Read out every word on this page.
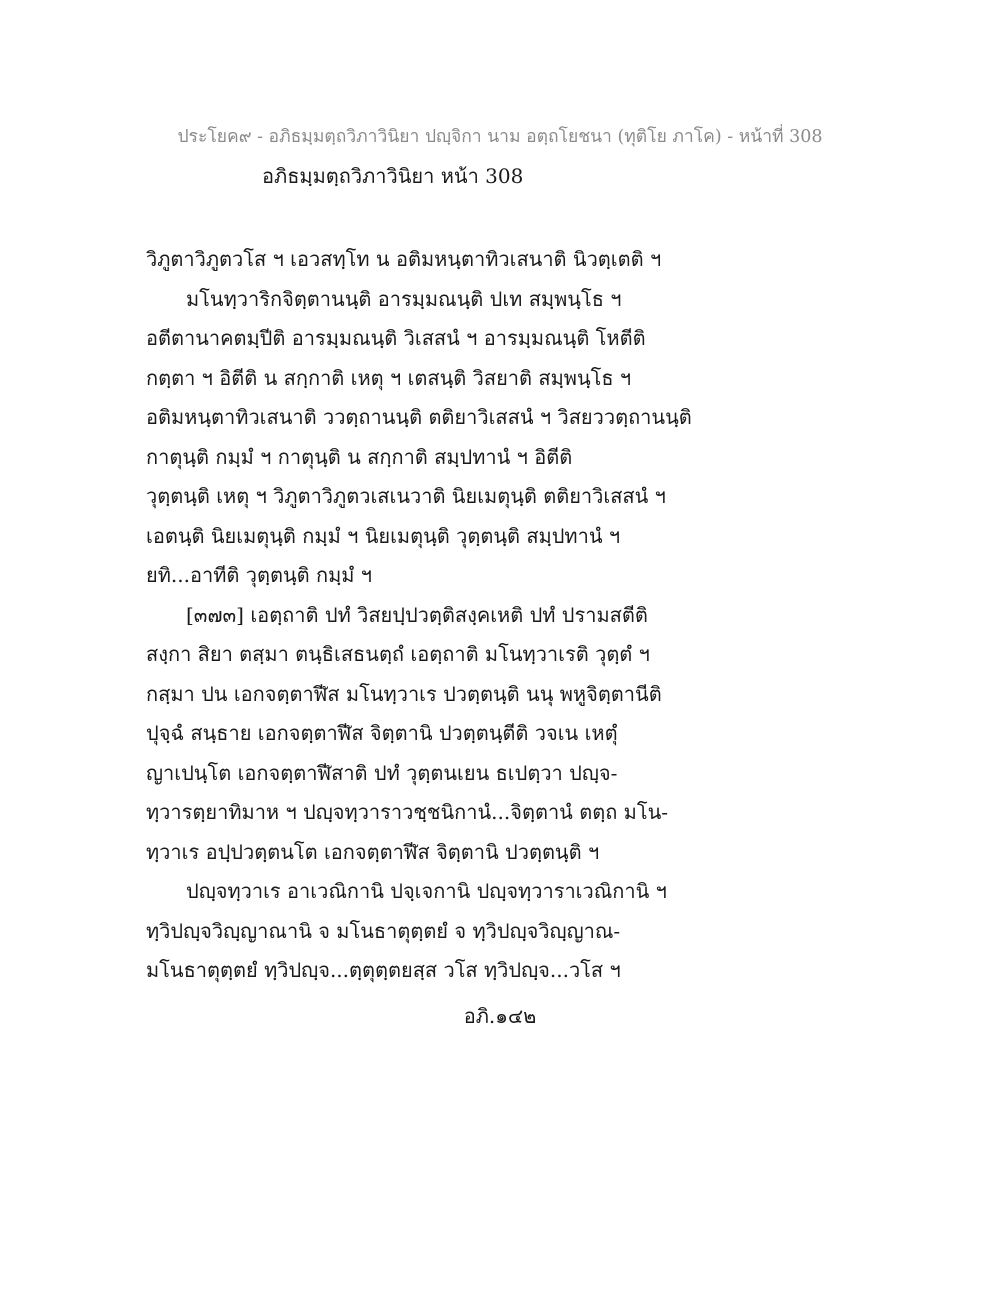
ประโยค๙ - อภิธมฺมตฺถวิภาวินิยา ปญฺจิกา นาม อตฺถโยชนา (ทุติโย ภาโค) - หน้าที่ 308
อภิธมฺมตฺถวิภาวินิยา หน้า 308
วิภูตาวิภูตวโส ฯ เอวสทฺโท น อติมหนฺตาทิวเสนาติ นิวตฺเตติ ฯ
มโนทฺวาริกจิตฺตานนฺติ อารมฺมณนฺติ ปเท สมฺพนฺโธ ฯ
อตีตานาคตมฺปีติ อารมฺมณนฺติ วิเสสนํ ฯ อารมฺมณนฺติ โหตีติ
กตฺตา ฯ อิตีติ น สกฺกาติ เหตุ ฯ เตสนฺติ วิสยาติ สมฺพนฺโธ ฯ
อติมหนฺตาทิวเสนาติ ววตฺถานนฺติ ตติยาวิเสสนํ ฯ วิสยววตฺถานนฺติ
กาตุนฺติ กมฺมํ ฯ กาตุนฺติ น สกฺกาติ สมฺปทานํ ฯ อิตีติ
วุตฺตนฺติ เหตุ ฯ วิภูตาวิภูตวเสเนวาติ นิยเมตุนฺติ ตติยาวิเสสนํ ฯ
เอตนฺติ นิยเมตุนฺติ กมฺมํ ฯ นิยเมตุนฺติ วุตฺตนฺติ สมฺปทานํ ฯ
ยทิ...อาทีติ วุตฺตนฺติ กมฺมํ ฯ
[๓๗๓] เอตฺถาติ ปทํ วิสยปฺปวตฺติสงฺคเหติ ปทํ ปรามสตีติ
สงฺกา สิยา ตสฺมา ตนฺธิเสธนตฺถํ เอตฺถาติ มโนทฺวาเรติ วุตฺตํ ฯ
กสฺมา ปน เอกจตฺตาฬีส มโนทฺวาเร ปวตฺตนฺติ นนุ พหูจิตฺตานีติ
ปุจฺฉํ สนฺธาย เอกจตฺตาฬีส จิตฺตานิ ปวตฺตนฺตีติ วจเน เหตุํ
ญาเปนฺโต เอกจตฺตาฬีสาติ ปทํ วุตฺตนเยน ธเปตฺวา ปญฺจ-
ทฺวารตฺยาทิมาห ฯ ปญฺจทฺวาราวชฺชนิกานํ...จิตฺตานํ ตตฺถ มโน-
ทฺวาเร อปฺปวตฺตนโต เอกจตฺตาฬีส จิตฺตานิ ปวตฺตนฺติ ฯ
ปญฺจทฺวาเร อาเวณิกานิ ปจฺเจกานิ ปญฺจทฺวาราเวณิกานิ ฯ
ทฺวิปญฺจวิญฺญาณานิ จ มโนธาตุตฺตยํ จ ทฺวิปญฺจวิญฺญาณ-
มโนธาตุตฺตยํ ทฺวิปญฺจ...ตฺตุตฺตยสฺส วโส ทฺวิปญฺจ...วโส ฯ
อภิ.๑๔๒
